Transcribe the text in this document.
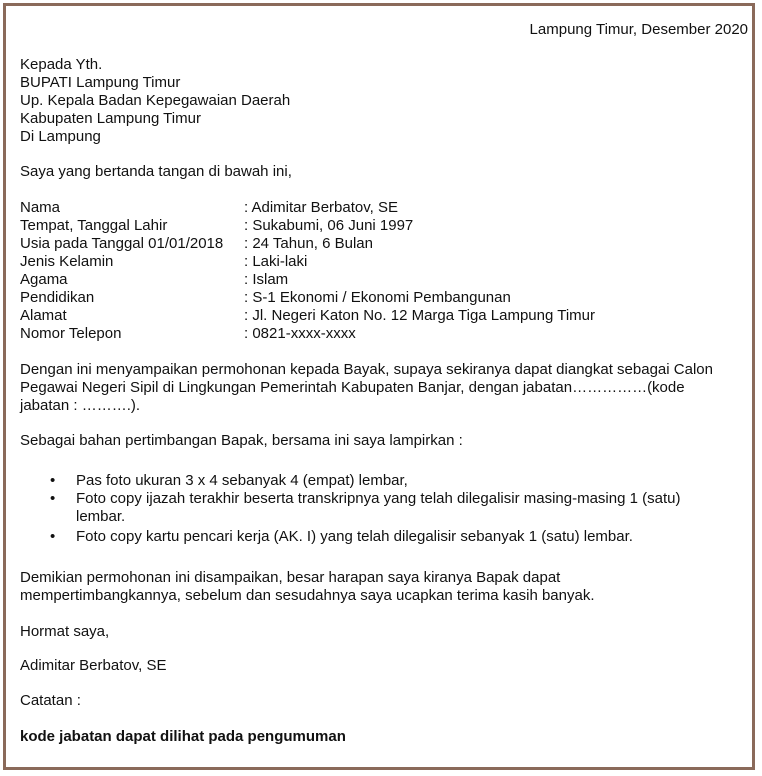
Lampung Timur, Desember 2020
Kepada Yth.
BUPATI Lampung Timur
Up. Kepala Badan Kepegawaian Daerah
Kabupaten Lampung Timur
Di Lampung
Saya yang bertanda tangan di bawah ini,
Nama	: Adimitar Berbatov, SE
Tempat, Tanggal Lahir	: Sukabumi, 06 Juni 1997
Usia pada Tanggal 01/01/2018 : 24 Tahun, 6 Bulan
Jenis Kelamin	: Laki-laki
Agama	: Islam
Pendidikan	: S-1 Ekonomi / Ekonomi Pembangunan
Alamat	: Jl. Negeri Katon No. 12 Marga Tiga Lampung Timur
Nomor Telepon	: 0821-xxxx-xxxx
Dengan ini menyampaikan permohonan kepada Bayak, supaya sekiranya dapat diangkat sebagai Calon
Pegawai Negeri Sipil di Lingkungan Pemerintah Kabupaten Banjar, dengan jabatan……………(kode
jabatan : ……….).
Sebagai bahan pertimbangan Bapak, bersama ini saya lampirkan :
• Pas foto ukuran 3 x 4 sebanyak 4 (empat) lembar,
• Foto copy ijazah terakhir beserta transkripnya yang telah dilegalisir masing-masing 1 (satu)
lembar.
• Foto copy kartu pencari kerja (AK. I) yang telah dilegalisir sebanyak 1 (satu) lembar.
Demikian permohonan ini disampaikan, besar harapan saya kiranya Bapak dapat
mempertimbangkannya, sebelum dan sesudahnya saya ucapkan terima kasih banyak.
Hormat saya,
Adimitar Berbatov, SE
Catatan :
kode jabatan dapat dilihat pada pengumuman
